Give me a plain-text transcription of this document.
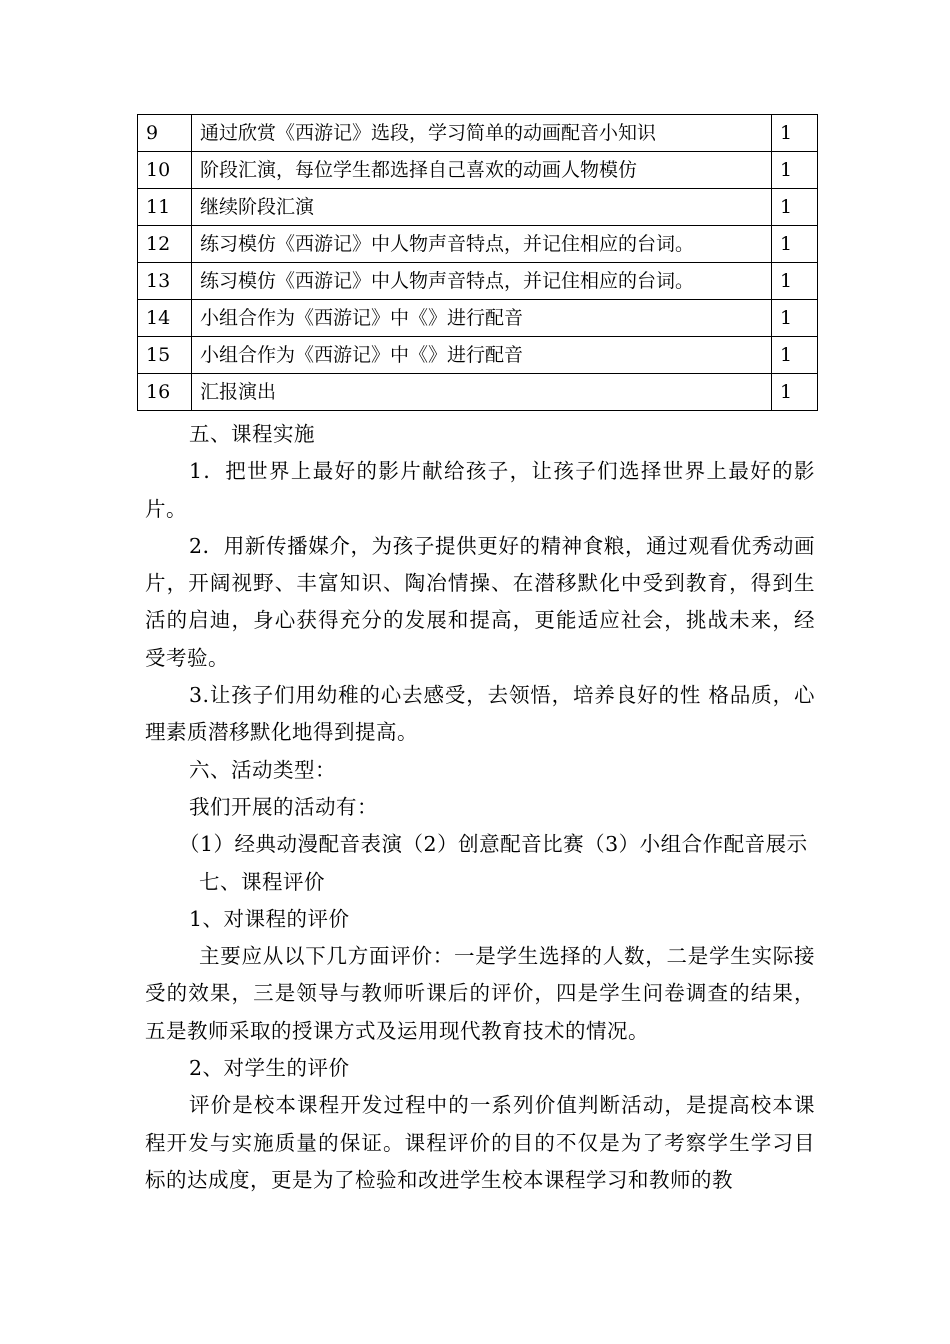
9	通过欣赏《西游记》选段，学习简单的动画配音小知识	1
10	阶段汇演，每位学生都选择自己喜欢的动画人物模仿	1
11	继续阶段汇演	1
12	练习模仿《西游记》中人物声音特点，并记住相应的台词。	1
13	练习模仿《西游记》中人物声音特点，并记住相应的台词。	1
14	小组合作为《西游记》中《》进行配音	1
15	小组合作为《西游记》中《》进行配音	1
16	汇报演出	1

五、课程实施

1．把世界上最好的影片献给孩子，让孩子们选择世界上最好的影片。

2．用新传播媒介，为孩子提供更好的精神食粮，通过观看优秀动画片，开阔视野、丰富知识、陶冶情操、在潜移默化中受到教育，得到生活的启迪，身心获得充分的发展和提高，更能适应社会，挑战未来，经受考验。

3.让孩子们用幼稚的心去感受，去领悟，培养良好的性 格品质，心理素质潜移默化地得到提高。

六、活动类型：

我们开展的活动有：

（1）经典动漫配音表演（2）创意配音比赛（3）小组合作配音展示

七、课程评价

1、对课程的评价

主要应从以下几方面评价：一是学生选择的人数，二是学生实际接受的效果，三是领导与教师听课后的评价，四是学生问卷调查的结果，五是教师采取的授课方式及运用现代教育技术的情况。

2、对学生的评价

评价是校本课程开发过程中的一系列价值判断活动，是提高校本课程开发与实施质量的保证。课程评价的目的不仅是为了考察学生学习目标的达成度，更是为了检验和改进学生校本课程学习和教师的教
